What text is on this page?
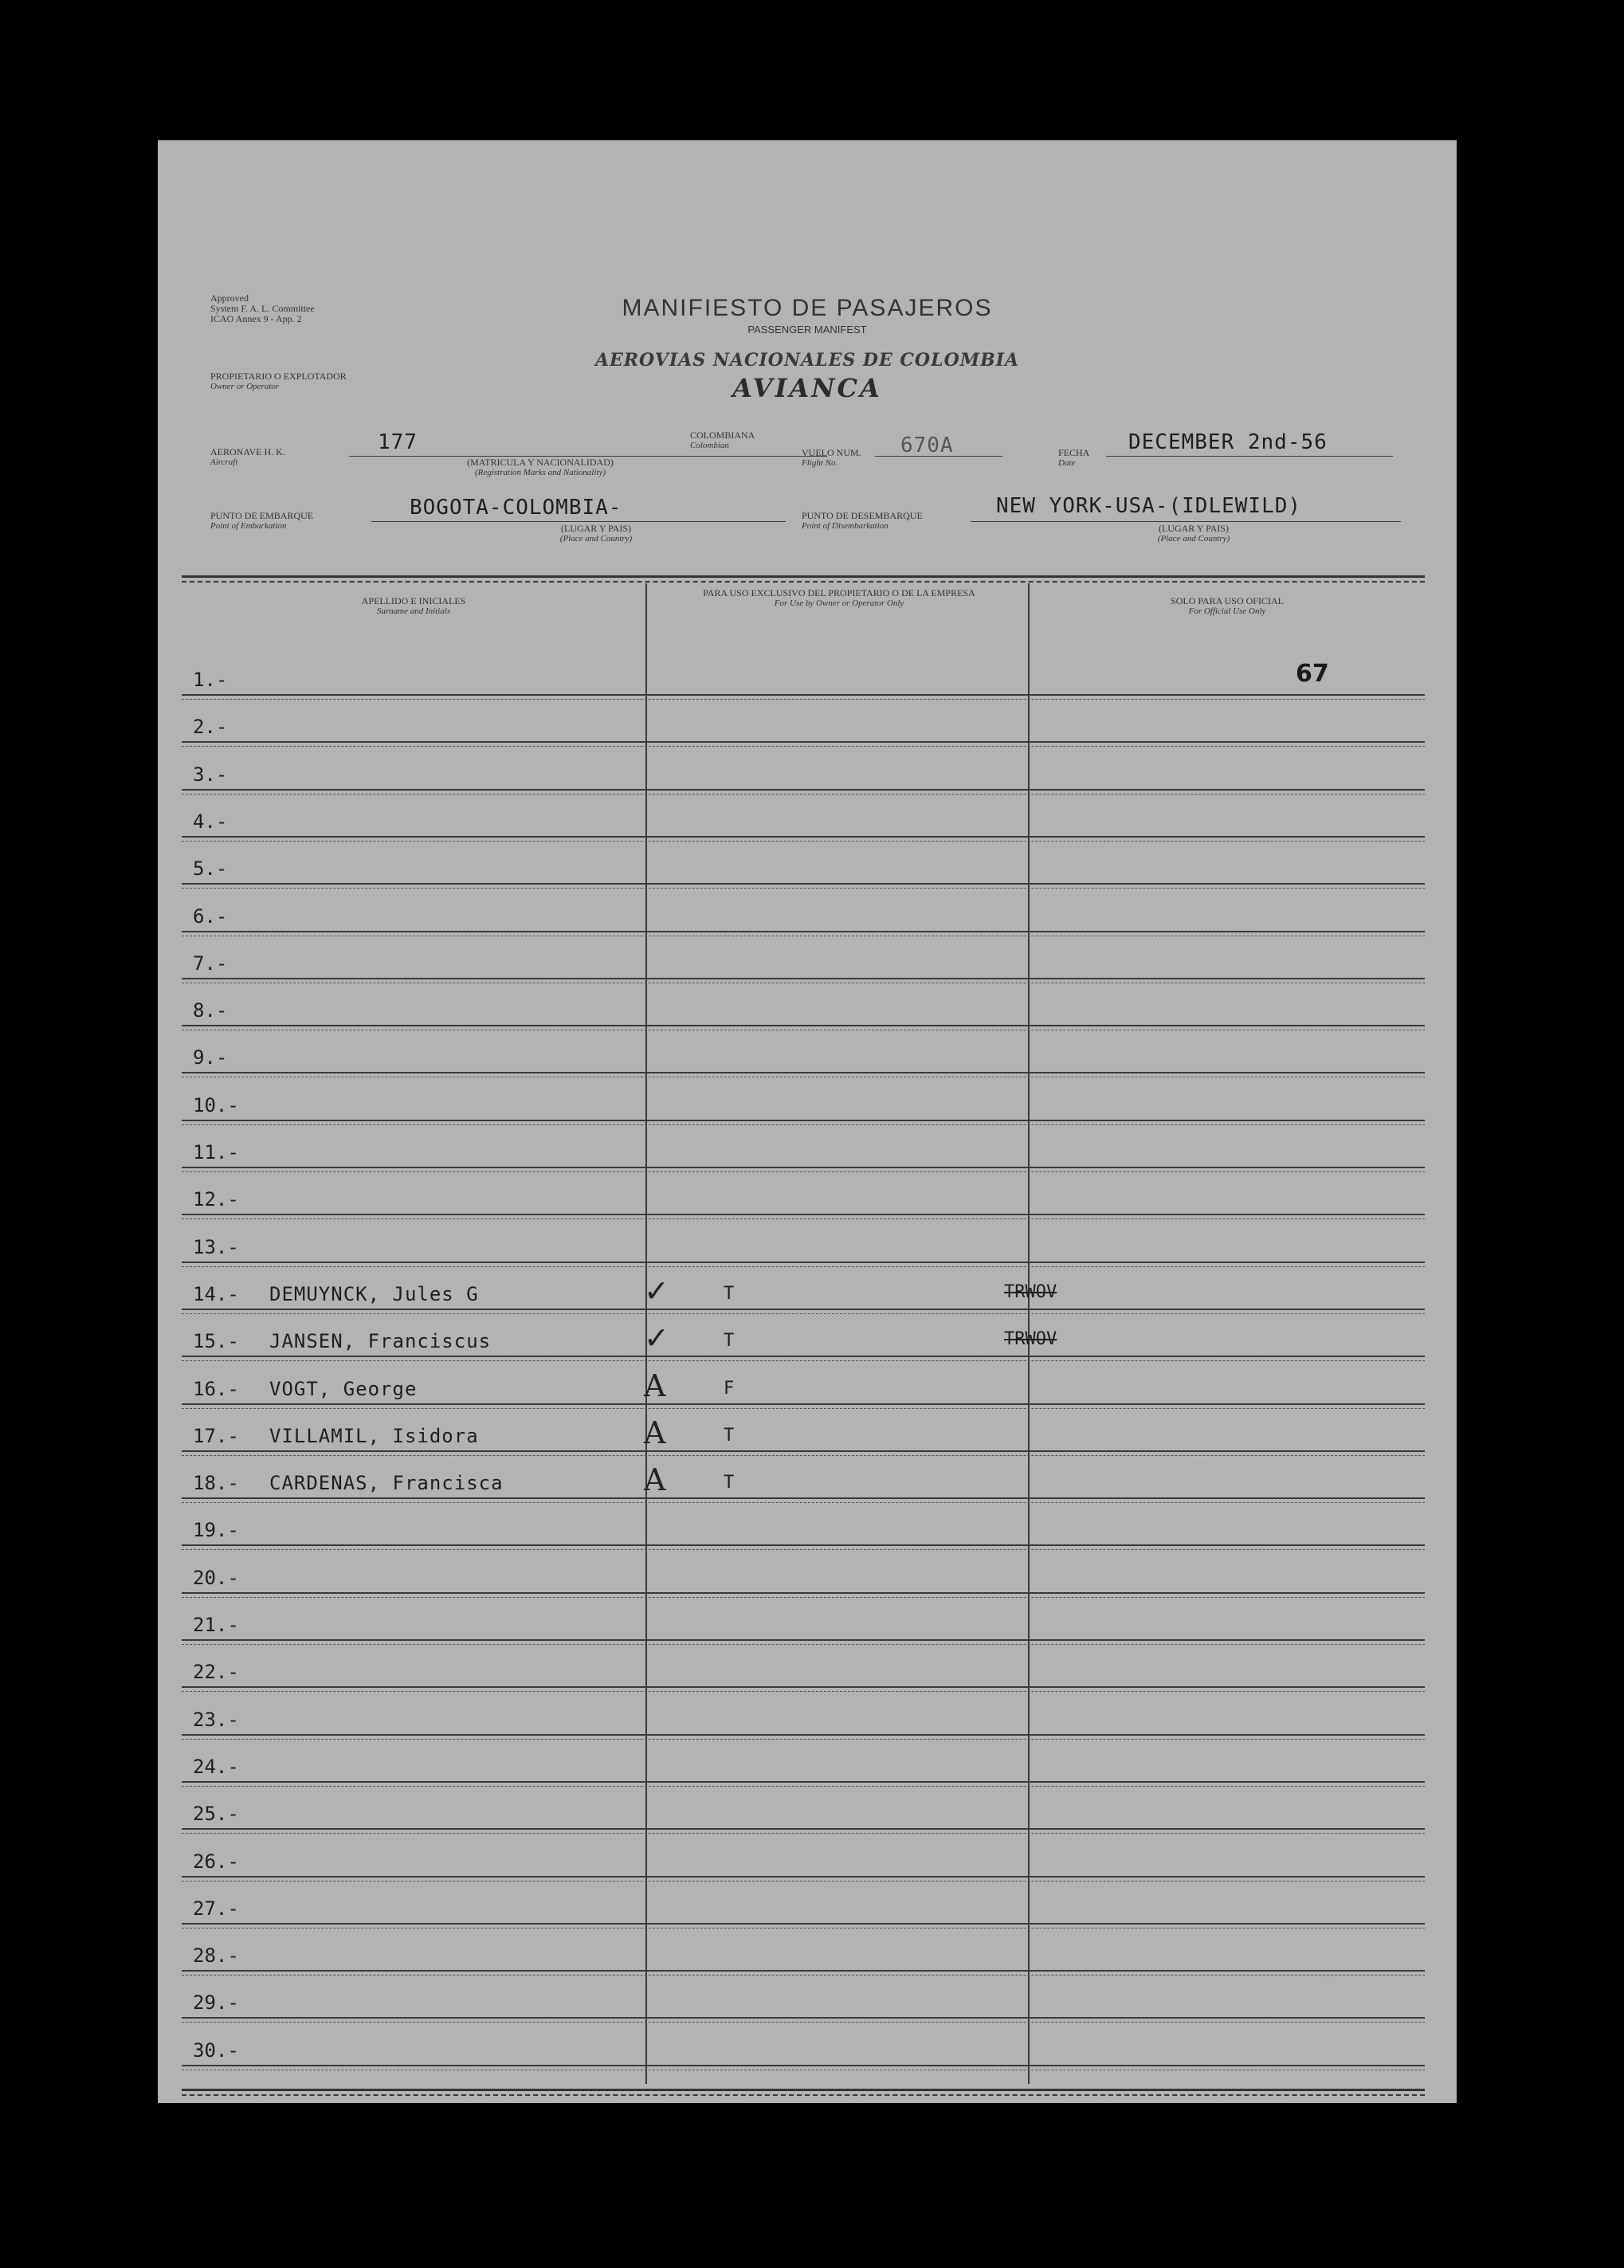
Approved
System F. A. L. Committee
ICAO Annex 9 - App. 2	MANIFIESTO DE PASAJEROS
PASSENGER MANIFEST
AEROVIAS NACIONALES DE COLOMBIA
AVIANCA
PROPIETARIO O EXPLOTADOR
Owner or Operator
AERONAVE H. K.
Aircraft
177
(MATRICULA Y NACIONALIDAD)
(Registration Marks and Nationality)
COLOMBIANA
Colombian
VUELO NUM.
Flight No.
670A	FECHA
Date
DECEMBER 2nd-56
PUNTO DE EMBARQUE
Point of Embarkation
BOGOTA-COLOMBIA-
(LUGAR Y PAIS)
(Place and Country)
PUNTO DE DESEMBARQUE
Point of Disembarkation
NEW YORK-USA-(IDLEWILD)
(LUGAR Y PAIS)
(Place and Country)
APELLIDO E INICIALES
Surname and Initials
PARA USO EXCLUSIVO DEL PROPIETARIO O DE LA EMPRESA
For Use by Owner or Operator Only	SOLO PARA USO OFICIAL
For Official Use Only
67
1.-
2.-
3.-
4.-
5.-
6.-
7.-
8.-
9.-
10.-
11.-
12.-
13.-
14.- DEMUYNCK, Jules G	✓	T	TRWOV
15.- JANSEN, Franciscus	✓	T	TRWOV
16.- VOGT, George	A	F
17.- VILLAMIL, Isidora	A	T
18.- CARDENAS, Francisca	A	T
19.-
20.-
21.-
22.-
23.-
24.-
25.-
26.-
27.-
28.-
29.-
30.-
